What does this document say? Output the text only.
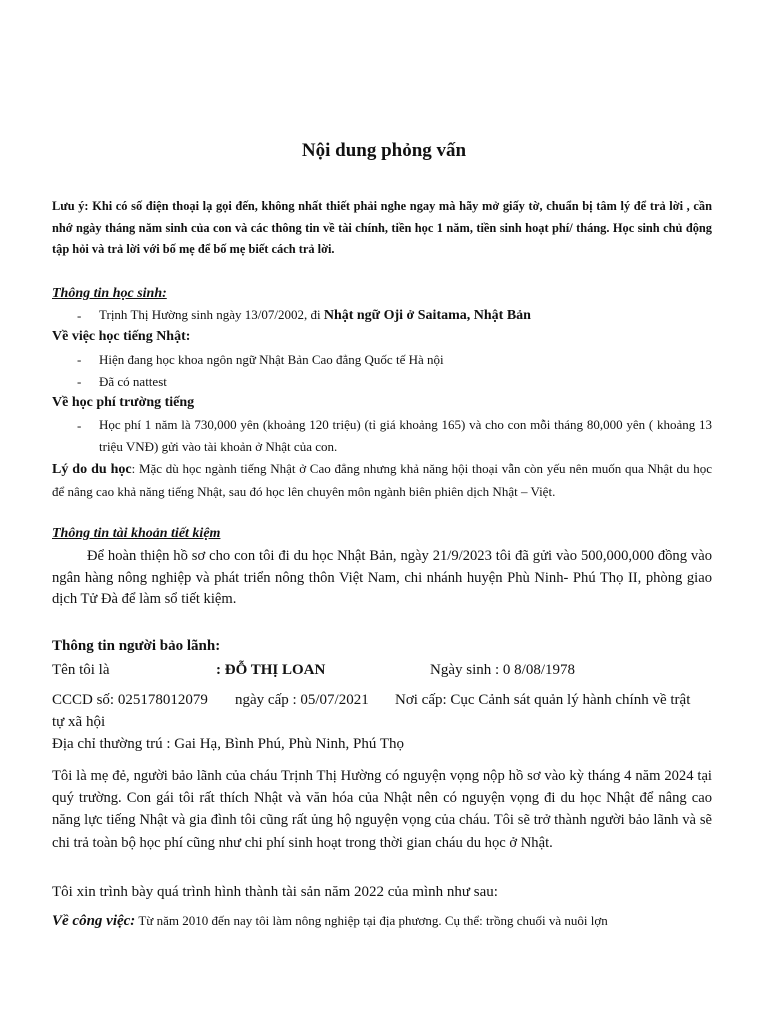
Nội dung phỏng vấn
Lưu ý: Khi có số điện thoại lạ gọi đến, không nhất thiết phải nghe ngay mà hãy mở giấy tờ, chuẩn bị tâm lý để trả lời , cần nhớ ngày tháng năm sinh của con và các thông tin về tài chính, tiền học 1 năm, tiền sinh hoạt phí/ tháng. Học sinh chủ động tập hỏi và trả lời với bố mẹ để bố mẹ biết cách trả lời.
Thông tin học sinh:
- Trịnh Thị Hường sinh ngày 13/07/2002, đi Nhật ngữ Oji ở Saitama, Nhật Bản
Về việc học tiếng Nhật:
- Hiện đang học khoa ngôn ngữ Nhật Bản Cao đẳng Quốc tế Hà nội
- Đã có nattest
Về học phí trường tiếng
- Học phí 1 năm là 730,000 yên (khoảng 120 triệu) (tỉ giá khoảng 165) và cho con mỗi tháng 80,000 yên ( khoảng 13 triệu VNĐ) gửi vào tài khoản ở Nhật của con.
Lý do du học: Mặc dù học ngành tiếng Nhật ở Cao đẳng nhưng khả năng hội thoại vẫn còn yếu nên muốn qua Nhật du học để nâng cao khả năng tiếng Nhật, sau đó học lên chuyên môn ngành biên phiên dịch Nhật – Việt.
Thông tin tài khoản tiết kiệm
Để hoàn thiện hồ sơ cho con tôi đi du học Nhật Bản, ngày 21/9/2023 tôi đã gửi vào 500,000,000 đồng vào ngân hàng nông nghiệp và phát triển nông thôn Việt Nam, chi nhánh huyện Phù Ninh- Phú Thọ II, phòng giao dịch Tử Đà để làm sổ tiết kiệm.
Thông tin người bảo lãnh:
Tên tôi là	: ĐỖ THỊ LOAN	Ngày sinh : 0 8/08/1978
CCCD số: 025178012079 ngày cấp : 05/07/2021 Nơi cấp: Cục Cảnh sát quản lý hành chính về trật
tự xã hội
Địa chỉ thường trú : Gai Hạ, Bình Phú, Phù Ninh, Phú Thọ
Tôi là mẹ đẻ, người bảo lãnh của cháu Trịnh Thị Hường có nguyện vọng nộp hồ sơ vào kỳ tháng 4 năm 2024 tại quý trường. Con gái tôi rất thích Nhật và văn hóa của Nhật nên có nguyện vọng đi du học Nhật để nâng cao năng lực tiếng Nhật và gia đình tôi cũng rất ủng hộ nguyện vọng của cháu. Tôi sẽ trở thành người bảo lãnh và sẽ chi trả toàn bộ học phí cũng như chi phí sinh hoạt trong thời gian cháu du học ở Nhật.
Tôi xin trình bày quá trình hình thành tài sản năm 2022 của mình như sau:
Về công việc: Từ năm 2010 đến nay tôi làm nông nghiệp tại địa phương. Cụ thể: trồng chuối và nuôi lợn
